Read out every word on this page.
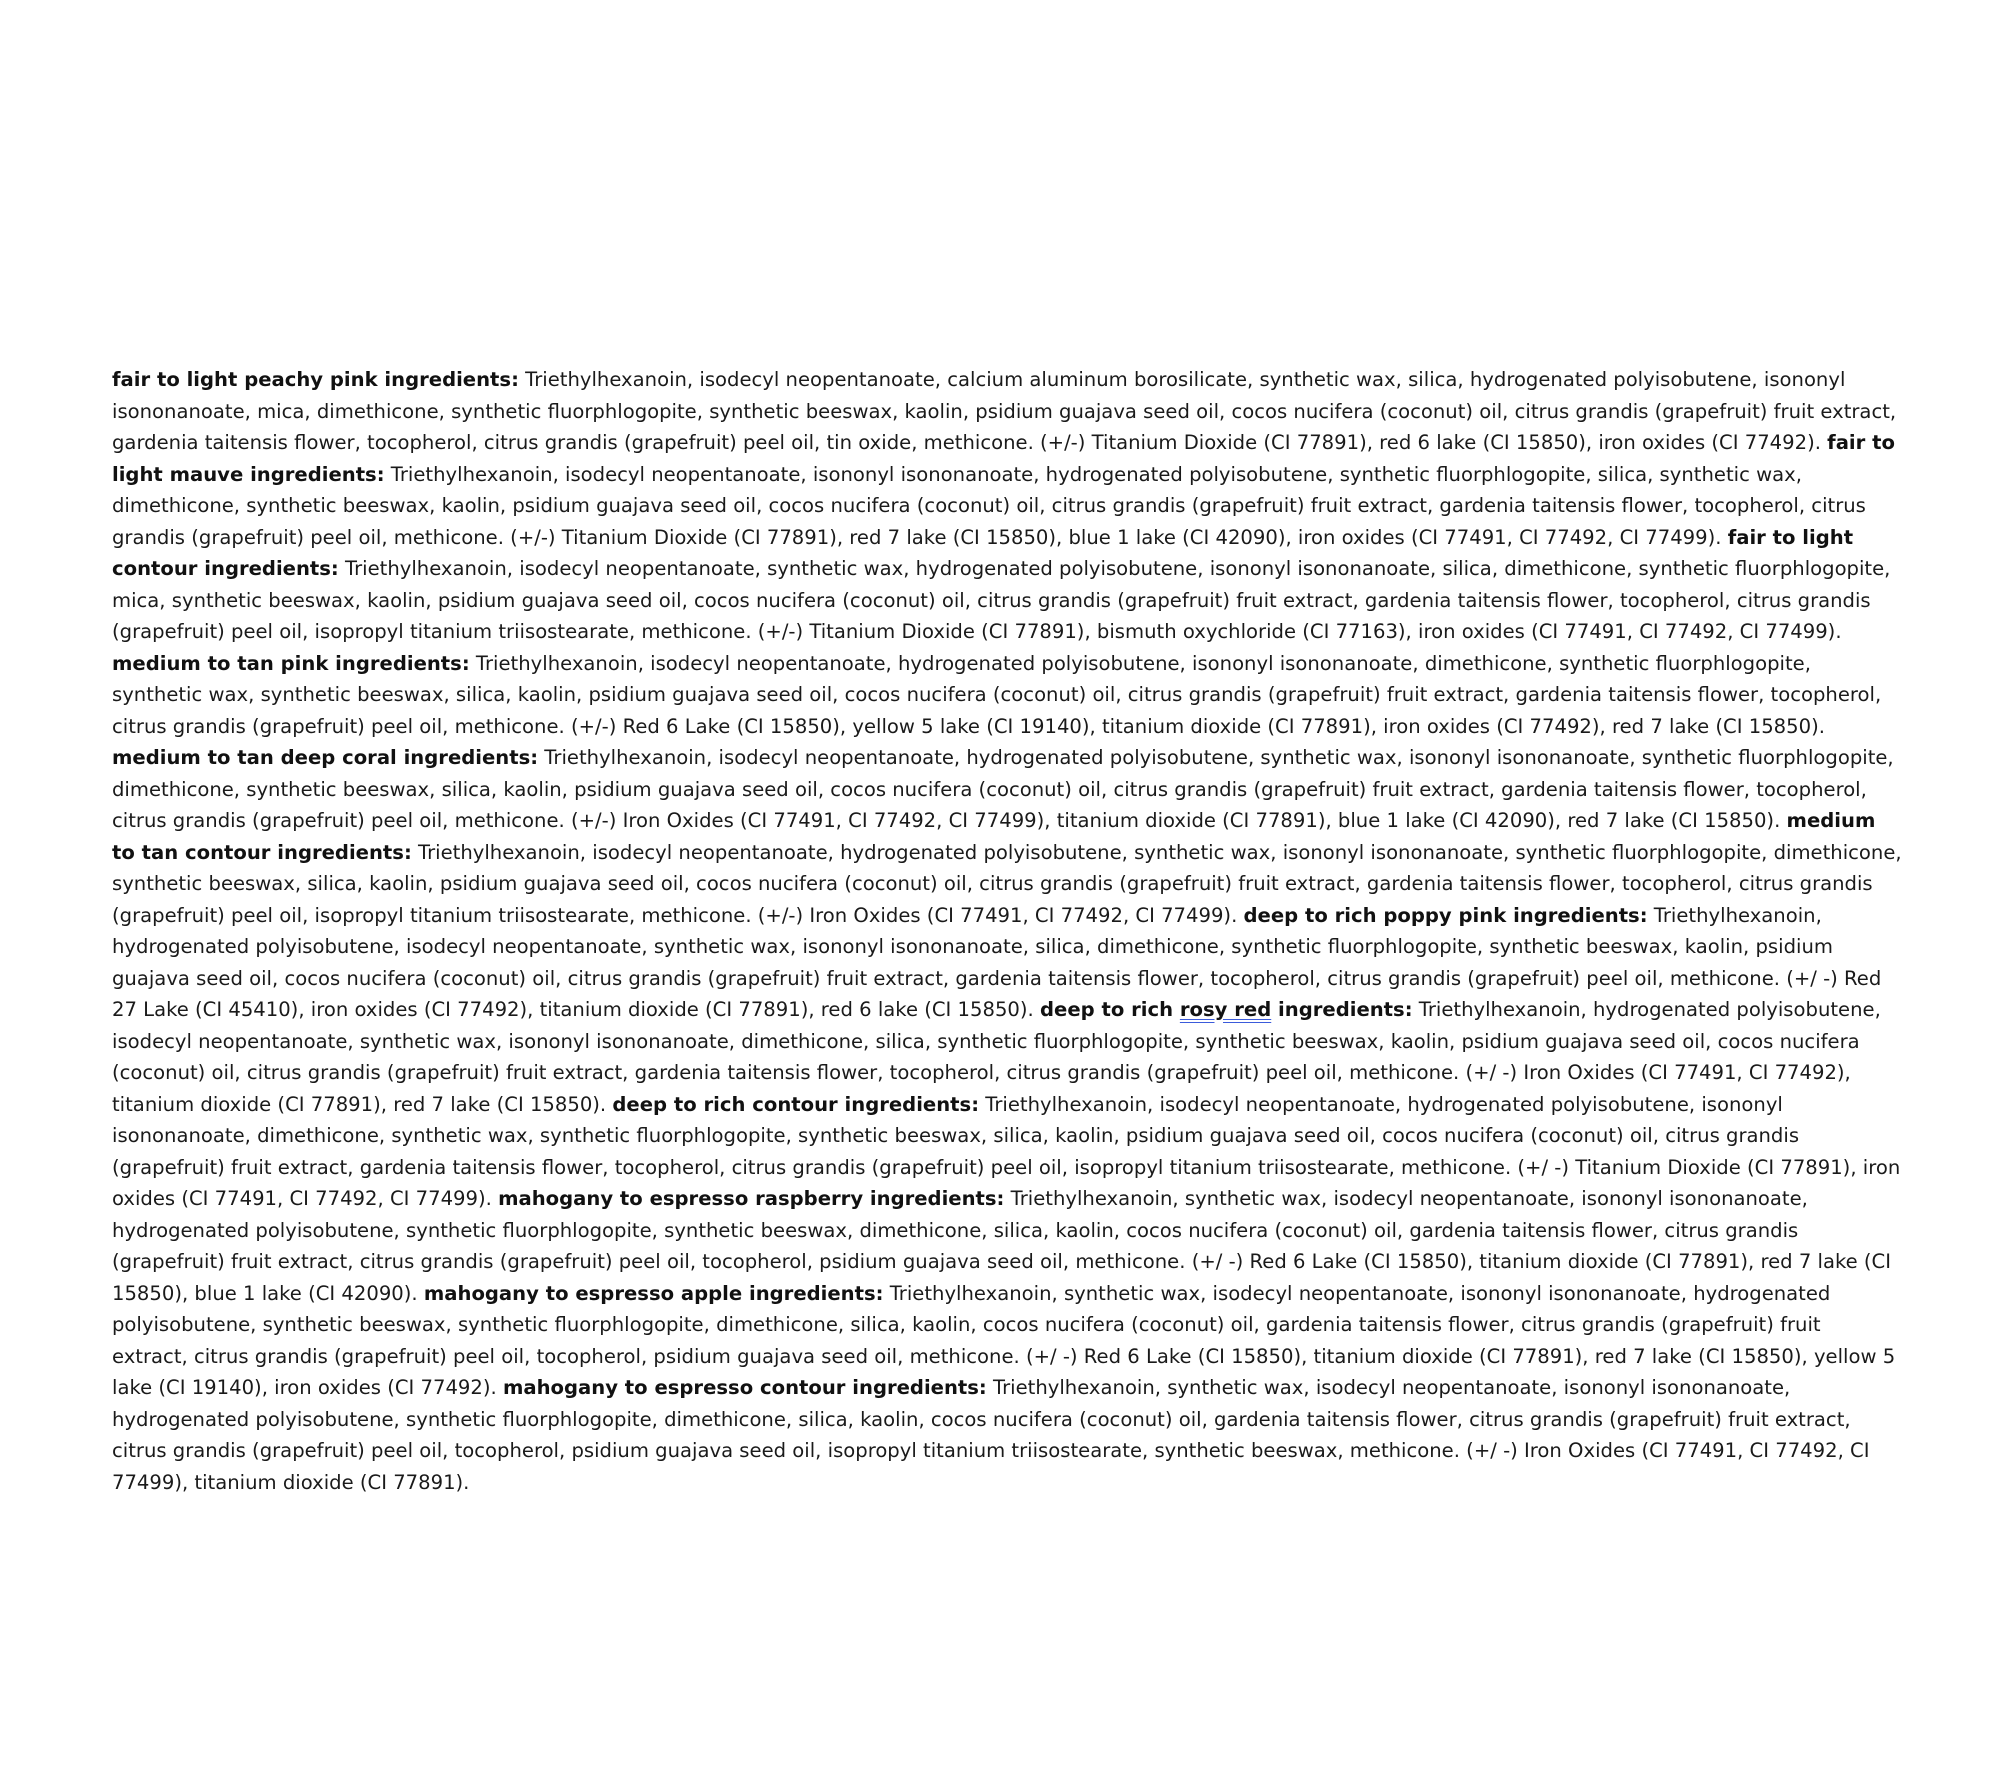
fair to light peachy pink ingredients: Triethylhexanoin, isodecyl neopentanoate, calcium aluminum borosilicate, synthetic wax, silica, hydrogenated polyisobutene, isononyl isononanoate, mica, dimethicone, synthetic fluorphlogopite, synthetic beeswax, kaolin, psidium guajava seed oil, cocos nucifera (coconut) oil, citrus grandis (grapefruit) fruit extract, gardenia taitensis flower, tocopherol, citrus grandis (grapefruit) peel oil, tin oxide, methicone. (+/-) Titanium Dioxide (CI 77891), red 6 lake (CI 15850), iron oxides (CI 77492). fair to light mauve ingredients: Triethylhexanoin, isodecyl neopentanoate, isononyl isononanoate, hydrogenated polyisobutene, synthetic fluorphlogopite, silica, synthetic wax, dimethicone, synthetic beeswax, kaolin, psidium guajava seed oil, cocos nucifera (coconut) oil, citrus grandis (grapefruit) fruit extract, gardenia taitensis flower, tocopherol, citrus grandis (grapefruit) peel oil, methicone. (+/-) Titanium Dioxide (CI 77891), red 7 lake (CI 15850), blue 1 lake (CI 42090), iron oxides (CI 77491, CI 77492, CI 77499). fair to light contour ingredients: Triethylhexanoin, isodecyl neopentanoate, synthetic wax, hydrogenated polyisobutene, isononyl isononanoate, silica, dimethicone, synthetic fluorphlogopite, mica, synthetic beeswax, kaolin, psidium guajava seed oil, cocos nucifera (coconut) oil, citrus grandis (grapefruit) fruit extract, gardenia taitensis flower, tocopherol, citrus grandis (grapefruit) peel oil, isopropyl titanium triisostearate, methicone. (+/-) Titanium Dioxide (CI 77891), bismuth oxychloride (CI 77163), iron oxides (CI 77491, CI 77492, CI 77499). medium to tan pink ingredients: Triethylhexanoin, isodecyl neopentanoate, hydrogenated polyisobutene, isononyl isononanoate, dimethicone, synthetic fluorphlogopite, synthetic wax, synthetic beeswax, silica, kaolin, psidium guajava seed oil, cocos nucifera (coconut) oil, citrus grandis (grapefruit) fruit extract, gardenia taitensis flower, tocopherol, citrus grandis (grapefruit) peel oil, methicone. (+/-) Red 6 Lake (CI 15850), yellow 5 lake (CI 19140), titanium dioxide (CI 77891), iron oxides (CI 77492), red 7 lake (CI 15850). medium to tan deep coral ingredients: Triethylhexanoin, isodecyl neopentanoate, hydrogenated polyisobutene, synthetic wax, isononyl isononanoate, synthetic fluorphlogopite, dimethicone, synthetic beeswax, silica, kaolin, psidium guajava seed oil, cocos nucifera (coconut) oil, citrus grandis (grapefruit) fruit extract, gardenia taitensis flower, tocopherol, citrus grandis (grapefruit) peel oil, methicone. (+/-) Iron Oxides (CI 77491, CI 77492, CI 77499), titanium dioxide (CI 77891), blue 1 lake (CI 42090), red 7 lake (CI 15850). medium to tan contour ingredients: Triethylhexanoin, isodecyl neopentanoate, hydrogenated polyisobutene, synthetic wax, isononyl isononanoate, synthetic fluorphlogopite, dimethicone, synthetic beeswax, silica, kaolin, psidium guajava seed oil, cocos nucifera (coconut) oil, citrus grandis (grapefruit) fruit extract, gardenia taitensis flower, tocopherol, citrus grandis (grapefruit) peel oil, isopropyl titanium triisostearate, methicone. (+/-) Iron Oxides (CI 77491, CI 77492, CI 77499). deep to rich poppy pink ingredients: Triethylhexanoin, hydrogenated polyisobutene, isodecyl neopentanoate, synthetic wax, isononyl isononanoate, silica, dimethicone, synthetic fluorphlogopite, synthetic beeswax, kaolin, psidium guajava seed oil, cocos nucifera (coconut) oil, citrus grandis (grapefruit) fruit extract, gardenia taitensis flower, tocopherol, citrus grandis (grapefruit) peel oil, methicone. (+/ -) Red 27 Lake (CI 45410), iron oxides (CI 77492), titanium dioxide (CI 77891), red 6 lake (CI 15850). deep to rich rosy red ingredients: Triethylhexanoin, hydrogenated polyisobutene, isodecyl neopentanoate, synthetic wax, isononyl isononanoate, dimethicone, silica, synthetic fluorphlogopite, synthetic beeswax, kaolin, psidium guajava seed oil, cocos nucifera (coconut) oil, citrus grandis (grapefruit) fruit extract, gardenia taitensis flower, tocopherol, citrus grandis (grapefruit) peel oil, methicone. (+/ -) Iron Oxides (CI 77491, CI 77492), titanium dioxide (CI 77891), red 7 lake (CI 15850). deep to rich contour ingredients: Triethylhexanoin, isodecyl neopentanoate, hydrogenated polyisobutene, isononyl isononanoate, dimethicone, synthetic wax, synthetic fluorphlogopite, synthetic beeswax, silica, kaolin, psidium guajava seed oil, cocos nucifera (coconut) oil, citrus grandis (grapefruit) fruit extract, gardenia taitensis flower, tocopherol, citrus grandis (grapefruit) peel oil, isopropyl titanium triisostearate, methicone. (+/ -) Titanium Dioxide (CI 77891), iron oxides (CI 77491, CI 77492, CI 77499). mahogany to espresso raspberry ingredients: Triethylhexanoin, synthetic wax, isodecyl neopentanoate, isononyl isononanoate, hydrogenated polyisobutene, synthetic fluorphlogopite, synthetic beeswax, dimethicone, silica, kaolin, cocos nucifera (coconut) oil, gardenia taitensis flower, citrus grandis (grapefruit) fruit extract, citrus grandis (grapefruit) peel oil, tocopherol, psidium guajava seed oil, methicone. (+/ -) Red 6 Lake (CI 15850), titanium dioxide (CI 77891), red 7 lake (CI 15850), blue 1 lake (CI 42090). mahogany to espresso apple ingredients: Triethylhexanoin, synthetic wax, isodecyl neopentanoate, isononyl isononanoate, hydrogenated polyisobutene, synthetic beeswax, synthetic fluorphlogopite, dimethicone, silica, kaolin, cocos nucifera (coconut) oil, gardenia taitensis flower, citrus grandis (grapefruit) fruit extract, citrus grandis (grapefruit) peel oil, tocopherol, psidium guajava seed oil, methicone. (+/ -) Red 6 Lake (CI 15850), titanium dioxide (CI 77891), red 7 lake (CI 15850), yellow 5 lake (CI 19140), iron oxides (CI 77492). mahogany to espresso contour ingredients: Triethylhexanoin, synthetic wax, isodecyl neopentanoate, isononyl isononanoate, hydrogenated polyisobutene, synthetic fluorphlogopite, dimethicone, silica, kaolin, cocos nucifera (coconut) oil, gardenia taitensis flower, citrus grandis (grapefruit) fruit extract, citrus grandis (grapefruit) peel oil, tocopherol, psidium guajava seed oil, isopropyl titanium triisostearate, synthetic beeswax, methicone. (+/ -) Iron Oxides (CI 77491, CI 77492, CI 77499), titanium dioxide (CI 77891).
